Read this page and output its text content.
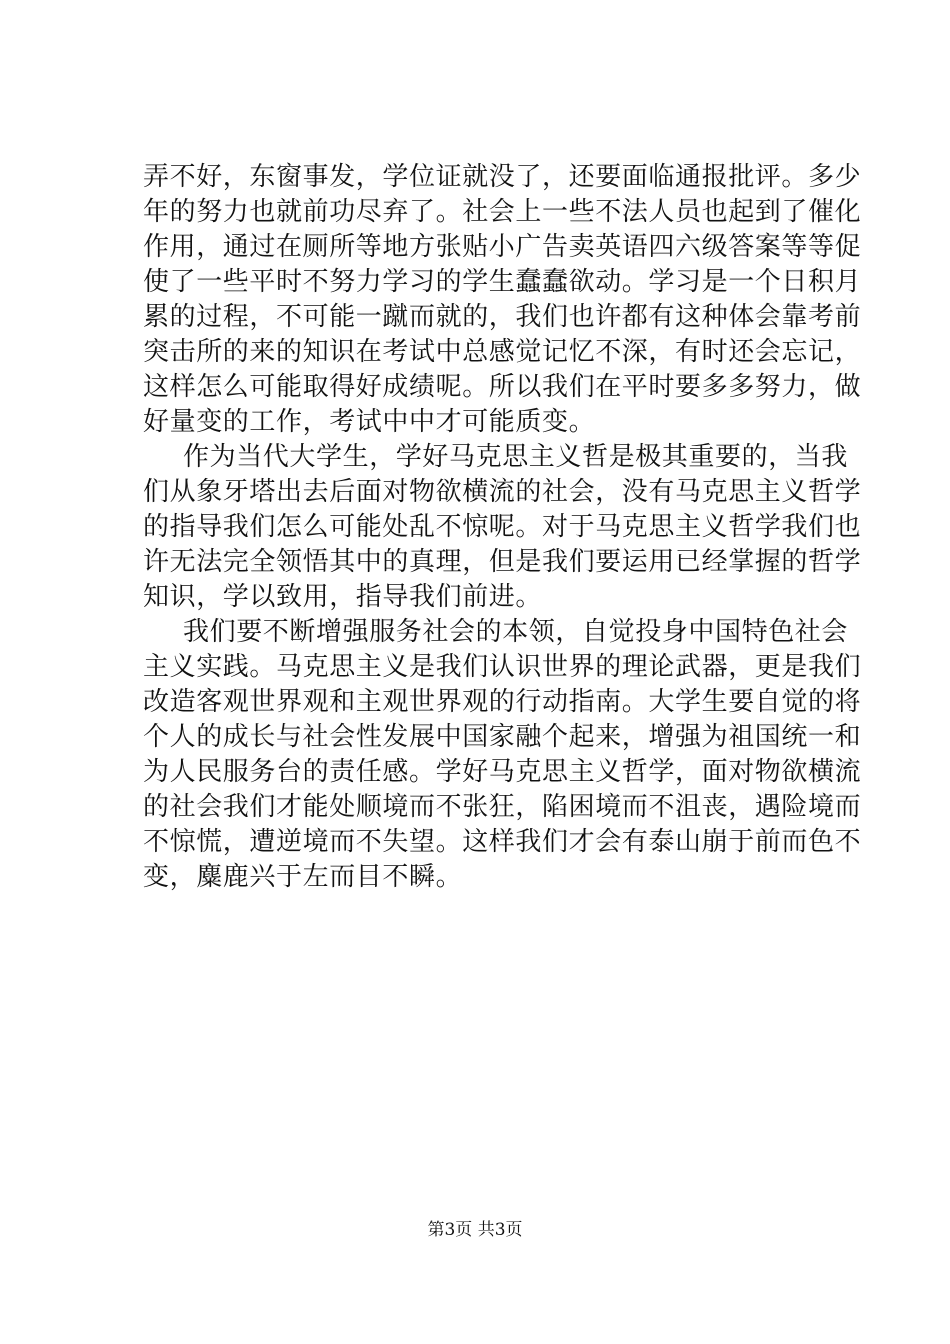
弄不好，东窗事发，学位证就没了，还要面临通报批评。多少
年的努力也就前功尽弃了。社会上一些不法人员也起到了催化
作用，通过在厕所等地方张贴小广告卖英语四六级答案等等促
使了一些平时不努力学习的学生蠢蠢欲动。学习是一个日积月
累的过程，不可能一蹴而就的，我们也许都有这种体会靠考前
突击所的来的知识在考试中总感觉记忆不深，有时还会忘记，
这样怎么可能取得好成绩呢。所以我们在平时要多多努力，做
好量变的工作，考试中中才可能质变。
作为当代大学生，学好马克思主义哲是极其重要的，当我
们从象牙塔出去后面对物欲横流的社会，没有马克思主义哲学
的指导我们怎么可能处乱不惊呢。对于马克思主义哲学我们也
许无法完全领悟其中的真理，但是我们要运用已经掌握的哲学
知识，学以致用，指导我们前进。
我们要不断增强服务社会的本领，自觉投身中国特色社会
主义实践。马克思主义是我们认识世界的理论武器，更是我们
改造客观世界观和主观世界观的行动指南。大学生要自觉的将
个人的成长与社会性发展中国家融个起来，增强为祖国统一和
为人民服务台的责任感。学好马克思主义哲学，面对物欲横流
的社会我们才能处顺境而不张狂，陷困境而不沮丧，遇险境而
不惊慌，遭逆境而不失望。这样我们才会有泰山崩于前而色不
变，麋鹿兴于左而目不瞬。
第3页 共3页
